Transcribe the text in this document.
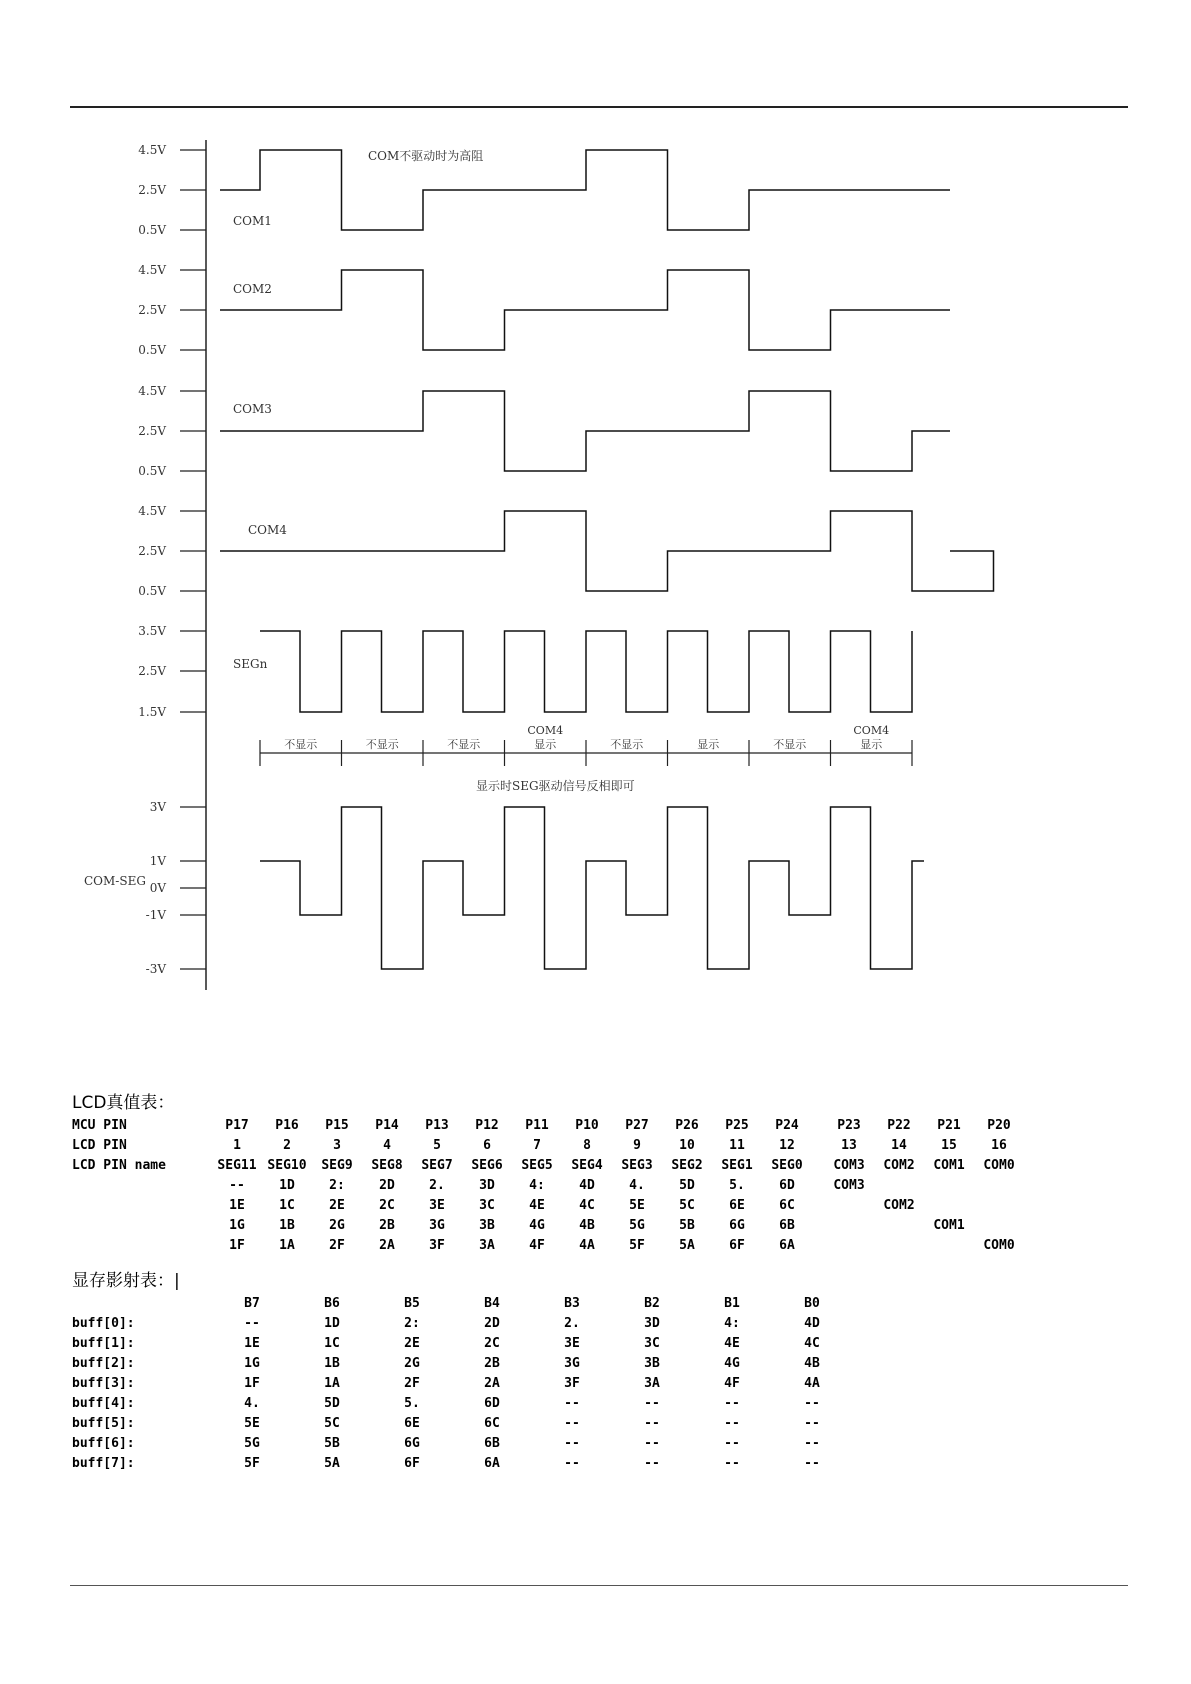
4.5V
2.5V
0.5V
4.5V
2.5V
0.5V
4.5V
2.5V
0.5V
4.5V
2.5V
0.5V
3.5V
2.5V
1.5V
3V
1V
0V
-1V
-3V
COM1
COM2
COM3
COM4
SEGn
不显示	不显示	不显示	显示
COM4
不显示	显示	不显示	显示
COM4
COM不驱动时为高阻
显示时SEG驱动信号反相即可
COM-SEG
LCD真值表：
MCU PIN	P17	P16	P15	P14	P13	P12	P11	P10	P27	P26	P25	P24		P23	P22	P21	P20
LCD PIN	1	2	3	4	5	6	7	8	9	10	11	12		13	14	15	16
LCD PIN name	SEG11	SEG10	SEG9	SEG8	SEG7	SEG6	SEG5	SEG4	SEG3	SEG2	SEG1	SEG0		COM3	COM2	COM1	COM0
	--	1D	2:	2D	2.	3D	4:	4D	4.	5D	5.	6D		COM3			
	1E	1C	2E	2C	3E	3C	4E	4C	5E	5C	6E	6C			COM2		
	1G	1B	2G	2B	3G	3B	4G	4B	5G	5B	6G	6B				COM1	
	1F	1A	2F	2A	3F	3A	4F	4A	5F	5A	6F	6A					COM0
显存影射表：|
	B7	B6	B5	B4	B3	B2	B1	B0
buff[0]:	--	1D	2:	2D	2.	3D	4:	4D
buff[1]:	1E	1C	2E	2C	3E	3C	4E	4C
buff[2]:	1G	1B	2G	2B	3G	3B	4G	4B
buff[3]:	1F	1A	2F	2A	3F	3A	4F	4A
buff[4]:	4.	5D	5.	6D	--	--	--	--
buff[5]:	5E	5C	6E	6C	--	--	--	--
buff[6]:	5G	5B	6G	6B	--	--	--	--
buff[7]:	5F	5A	6F	6A	--	--	--	--
